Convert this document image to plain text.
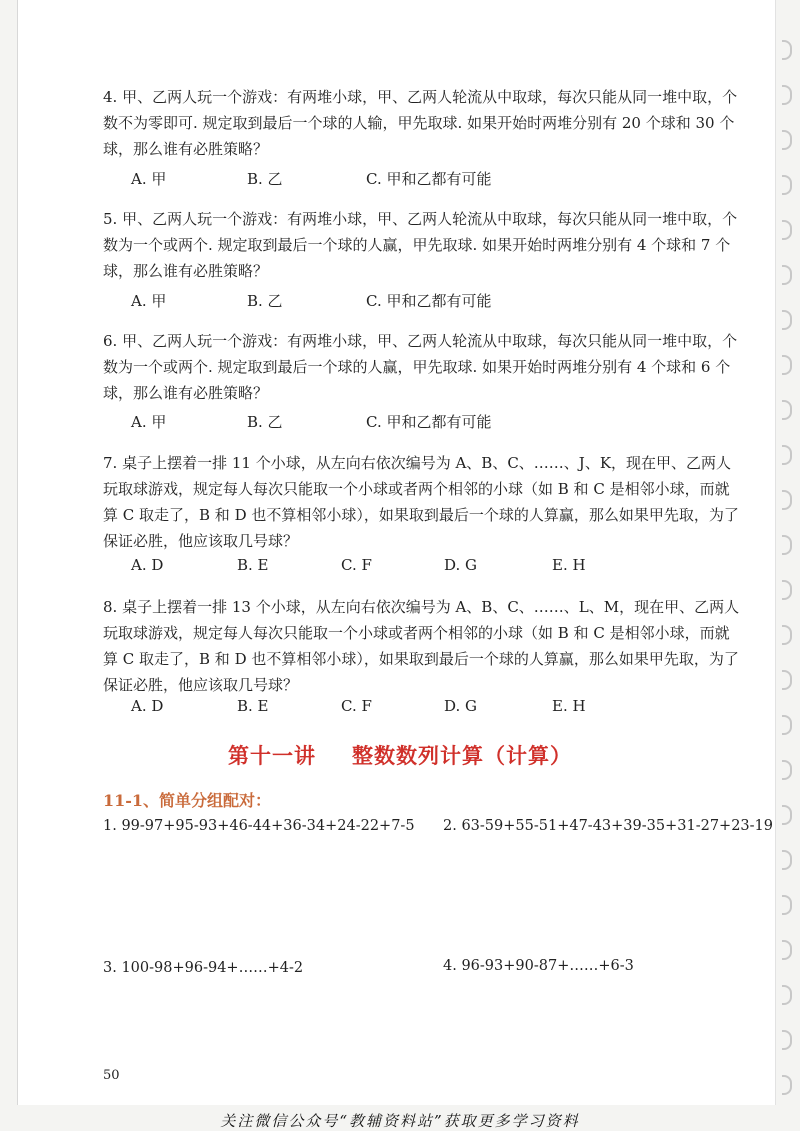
4. 甲、乙两人玩一个游戏：有两堆小球，甲、乙两人轮流从中取球，每次只能从同一堆中取，个数不为零即可. 规定取到最后一个球的人输，甲先取球. 如果开始时两堆分别有 20 个球和 30 个球，那么谁有必胜策略？

A. 甲	B. 乙	C. 甲和乙都有可能

5. 甲、乙两人玩一个游戏：有两堆小球，甲、乙两人轮流从中取球，每次只能从同一堆中取，个数为一个或两个. 规定取到最后一个球的人赢，甲先取球. 如果开始时两堆分别有 4 个球和 7 个球，那么谁有必胜策略？

A. 甲	B. 乙	C. 甲和乙都有可能

6. 甲、乙两人玩一个游戏：有两堆小球，甲、乙两人轮流从中取球，每次只能从同一堆中取，个数为一个或两个. 规定取到最后一个球的人赢，甲先取球. 如果开始时两堆分别有 4 个球和 6 个球，那么谁有必胜策略？

A. 甲	B. 乙	C. 甲和乙都有可能

7. 桌子上摆着一排 11 个小球，从左向右依次编号为 A、B、C、……、J、K，现在甲、乙两人玩取球游戏，规定每人每次只能取一个小球或者两个相邻的小球（如 B 和 C 是相邻小球，而就算 C 取走了，B 和 D 也不算相邻小球），如果取到最后一个球的人算赢，那么如果甲先取，为了保证必胜，他应该取几号球？

A. D	B. E	C. F	D. G	E. H

8. 桌子上摆着一排 13 个小球，从左向右依次编号为 A、B、C、……、L、M，现在甲、乙两人玩取球游戏，规定每人每次只能取一个小球或者两个相邻的小球（如 B 和 C 是相邻小球，而就算 C 取走了，B 和 D 也不算相邻小球），如果取到最后一个球的人算赢，那么如果甲先取，为了保证必胜，他应该取几号球？

A. D	B. E	C. F	D. G	E. H
第十一讲 整数数列计算（计算）
11-1、简单分组配对：
1. 99-97+95-93+46-44+36-34+24-22+7-5 2. 63-59+55-51+47-43+39-35+31-27+23-19
3. 100-98+96-94+……+4-2	4. 96-93+90-87+……+6-3
50
关注微信公众号“教辅资料站”获取更多学习资料
